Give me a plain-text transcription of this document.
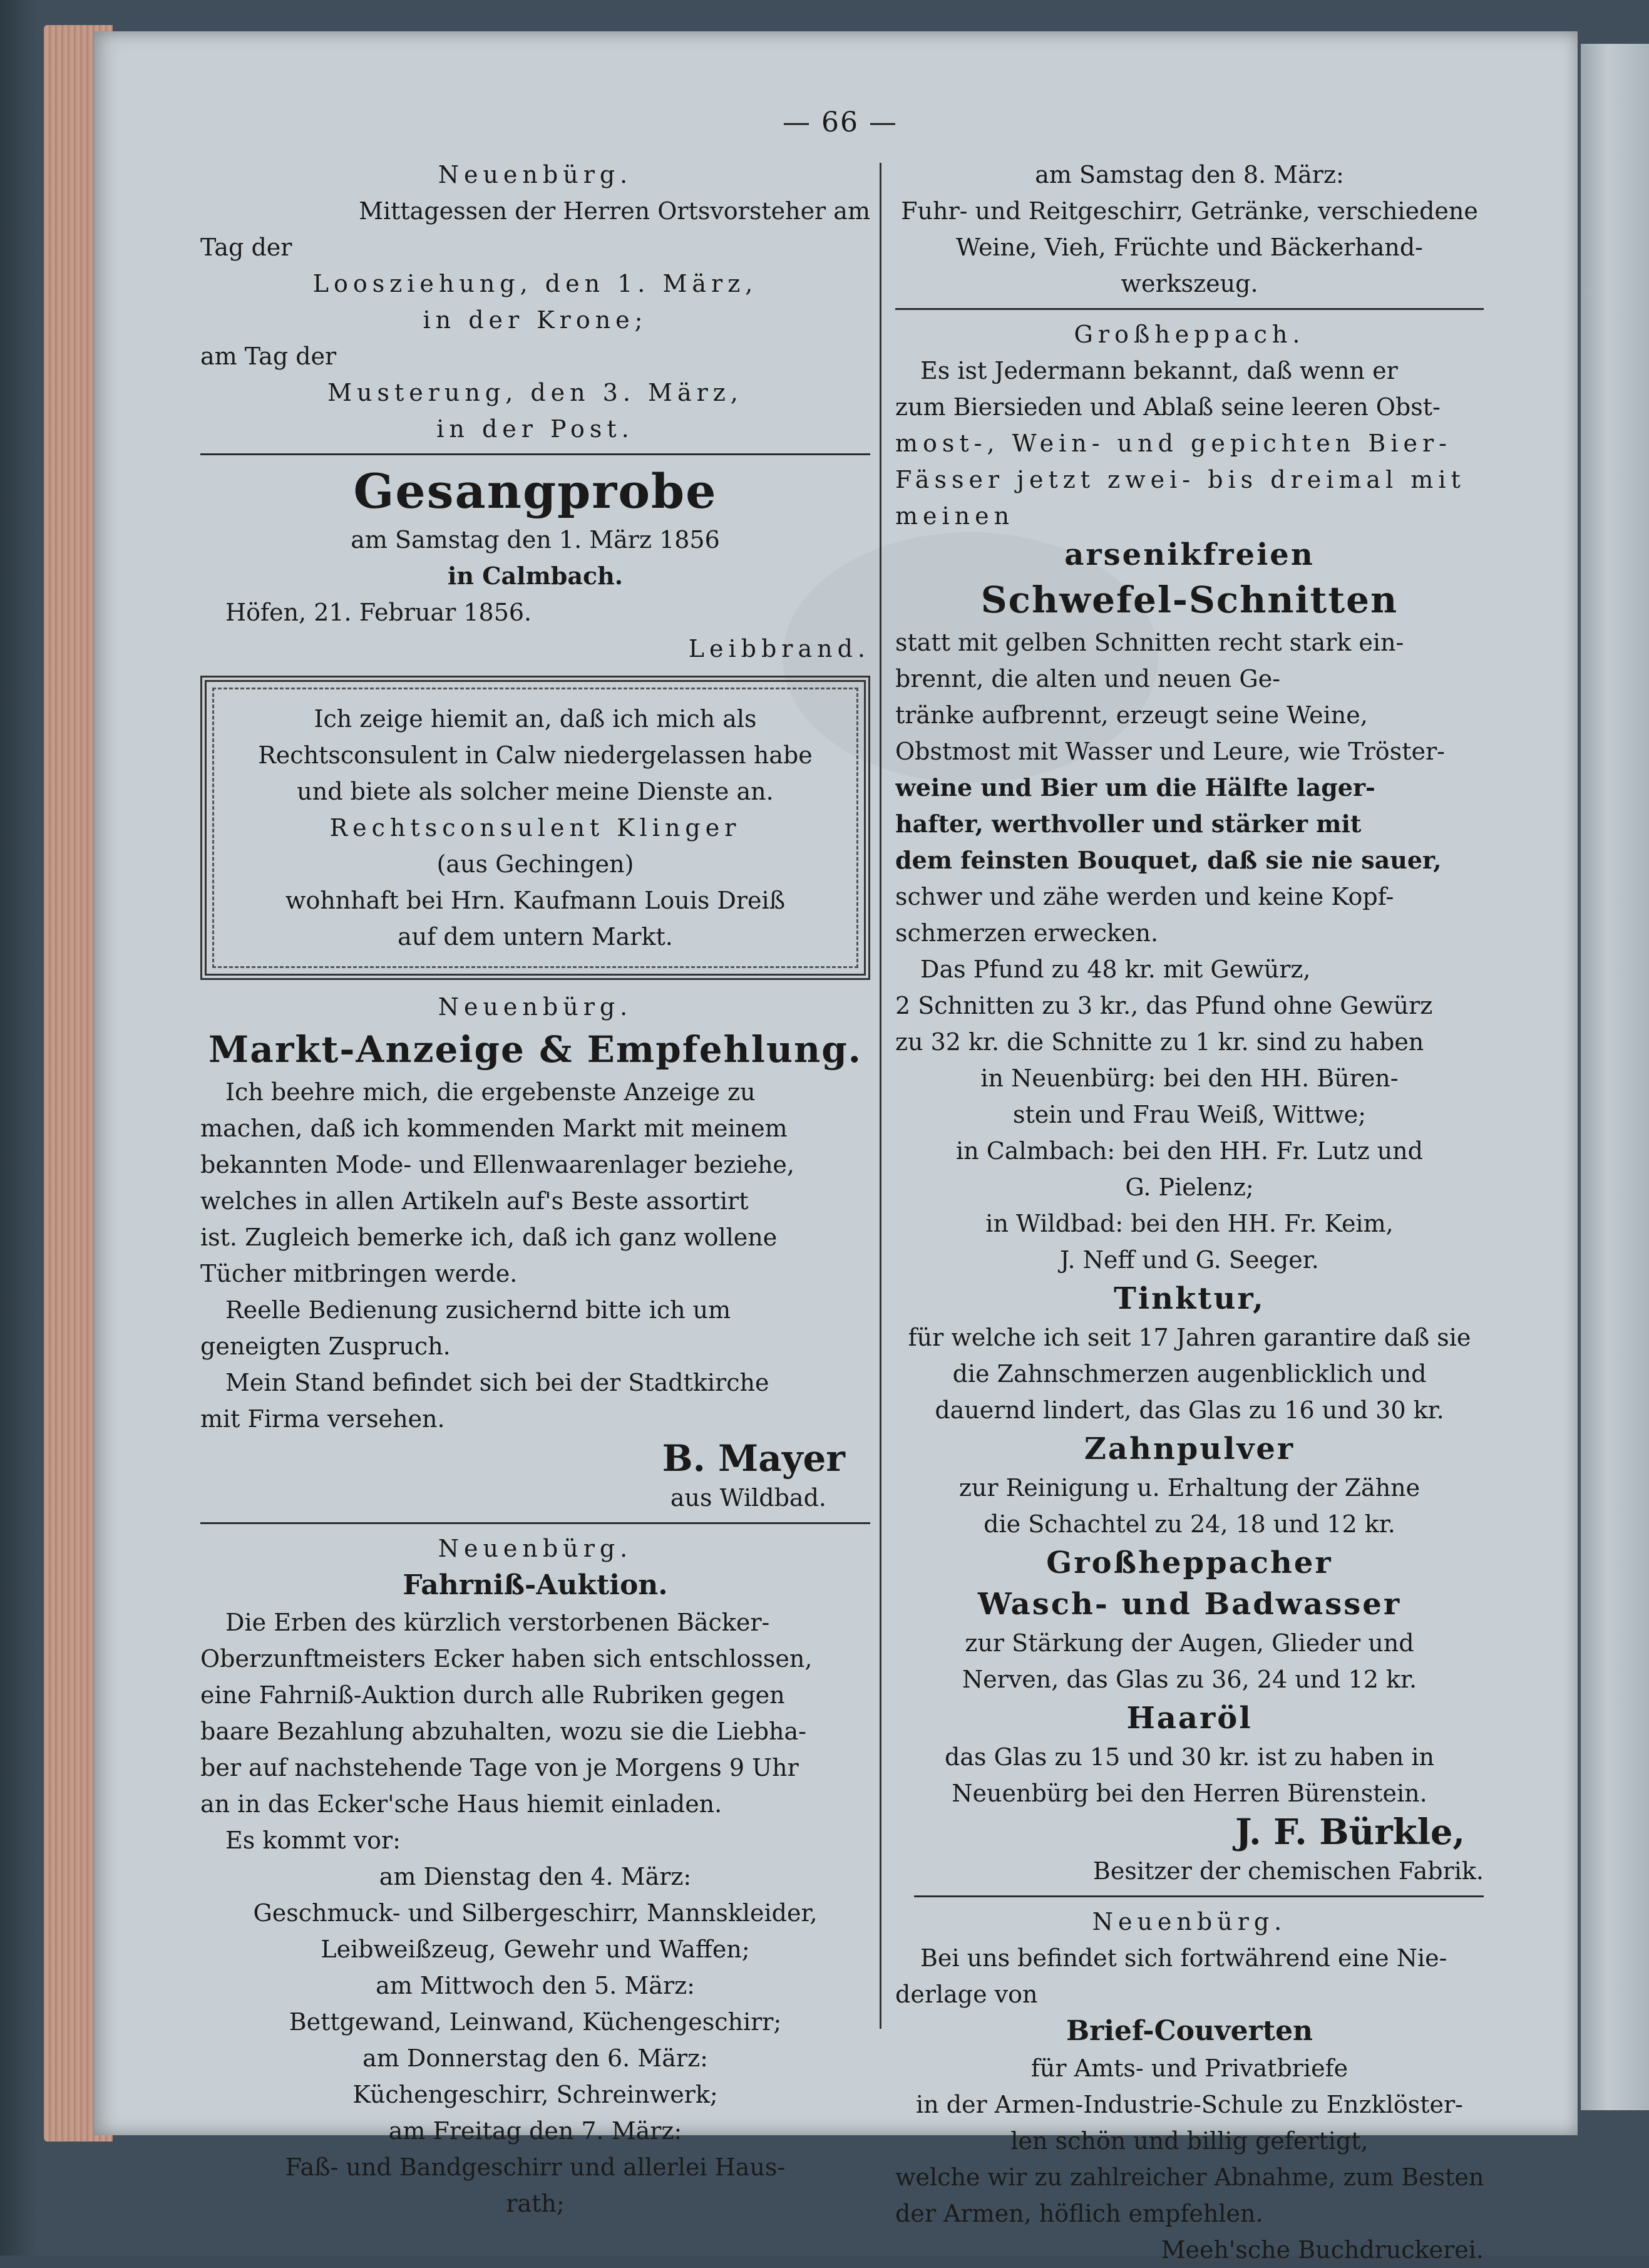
— 66 —
Neuenbürg.
Mittagessen der Herren Ortsvorsteher am
Tag der
Loosziehung, den 1. März,
in der Krone;
am Tag der
Musterung, den 3. März,
in der Post.
Gesangprobe
am Samstag den 1. März 1856
in Calmbach.
Höfen, 21. Februar 1856.
Leibbrand.
Ich zeige hiemit an, daß ich mich als
Rechtsconsulent in Calw niedergelassen habe
und biete als solcher meine Dienste an.
Rechtsconsulent Klinger
(aus Gechingen)
wohnhaft bei Hrn. Kaufmann Louis Dreiß
auf dem untern Markt.
Neuenbürg.
Markt-Anzeige & Empfehlung.
Ich beehre mich, die ergebenste Anzeige zu
machen, daß ich kommenden Markt mit meinem
bekannten Mode- und Ellenwaarenlager beziehe,
welches in allen Artikeln auf's Beste assortirt
ist. Zugleich bemerke ich, daß ich ganz wollene
Tücher mitbringen werde.
Reelle Bedienung zusichernd bitte ich um
geneigten Zuspruch.
Mein Stand befindet sich bei der Stadtkirche
mit Firma versehen.
B. Mayer
aus Wildbad.
Neuenbürg.
Fahrniß-Auktion.
Die Erben des kürzlich verstorbenen Bäcker-
Oberzunftmeisters Ecker haben sich entschlossen,
eine Fahrniß-Auktion durch alle Rubriken gegen
baare Bezahlung abzuhalten, wozu sie die Liebha-
ber auf nachstehende Tage von je Morgens 9 Uhr
an in das Ecker'sche Haus hiemit einladen.
Es kommt vor:
am Dienstag den 4. März:
Geschmuck- und Silbergeschirr, Mannskleider,
Leibweißzeug, Gewehr und Waffen;
am Mittwoch den 5. März:
Bettgewand, Leinwand, Küchengeschirr;
am Donnerstag den 6. März:
Küchengeschirr, Schreinwerk;
am Freitag den 7. März:
Faß- und Bandgeschirr und allerlei Haus-
rath;
am Samstag den 8. März:
Fuhr- und Reitgeschirr, Getränke, verschiedene
Weine, Vieh, Früchte und Bäckerhand-
werkszeug.
Großheppach.
Es ist Jedermann bekannt, daß wenn er
zum Biersieden und Ablaß seine leeren Obst-
most-, Wein- und gepichten Bier-
Fässer jetzt zwei- bis dreimal mit
meinen
arsenikfreien
Schwefel-Schnitten
statt mit gelben Schnitten recht stark ein-
brennt, die alten und neuen Ge-
tränke aufbrennt, erzeugt seine Weine,
Obstmost mit Wasser und Leure, wie Tröster-
weine und Bier um die Hälfte lager-
hafter, werthvoller und stärker mit
dem feinsten Bouquet, daß sie nie sauer,
schwer und zähe werden und keine Kopf-
schmerzen erwecken.
Das Pfund zu 48 kr. mit Gewürz,
2 Schnitten zu 3 kr., das Pfund ohne Gewürz
zu 32 kr. die Schnitte zu 1 kr. sind zu haben
in Neuenbürg: bei den HH. Büren-
stein und Frau Weiß, Wittwe;
in Calmbach: bei den HH. Fr. Lutz und
G. Pielenz;
in Wildbad: bei den HH. Fr. Keim,
J. Neff und G. Seeger.
Tinktur,
für welche ich seit 17 Jahren garantire daß sie
die Zahnschmerzen augenblicklich und
dauernd lindert, das Glas zu 16 und 30 kr.
Zahnpulver
zur Reinigung u. Erhaltung der Zähne
die Schachtel zu 24, 18 und 12 kr.
Großheppacher
Wasch- und Badwasser
zur Stärkung der Augen, Glieder und
Nerven, das Glas zu 36, 24 und 12 kr.
Haaröl
das Glas zu 15 und 30 kr. ist zu haben in
Neuenbürg bei den Herren Bürenstein.
J. F. Bürkle,
Besitzer der chemischen Fabrik.
Neuenbürg.
Bei uns befindet sich fortwährend eine Nie-
derlage von
Brief-Couverten
für Amts- und Privatbriefe
in der Armen-Industrie-Schule zu Enzklöster-
len schön und billig gefertigt,
welche wir zu zahlreicher Abnahme, zum Besten
der Armen, höflich empfehlen.
Meeh'sche Buchdruckerei.
